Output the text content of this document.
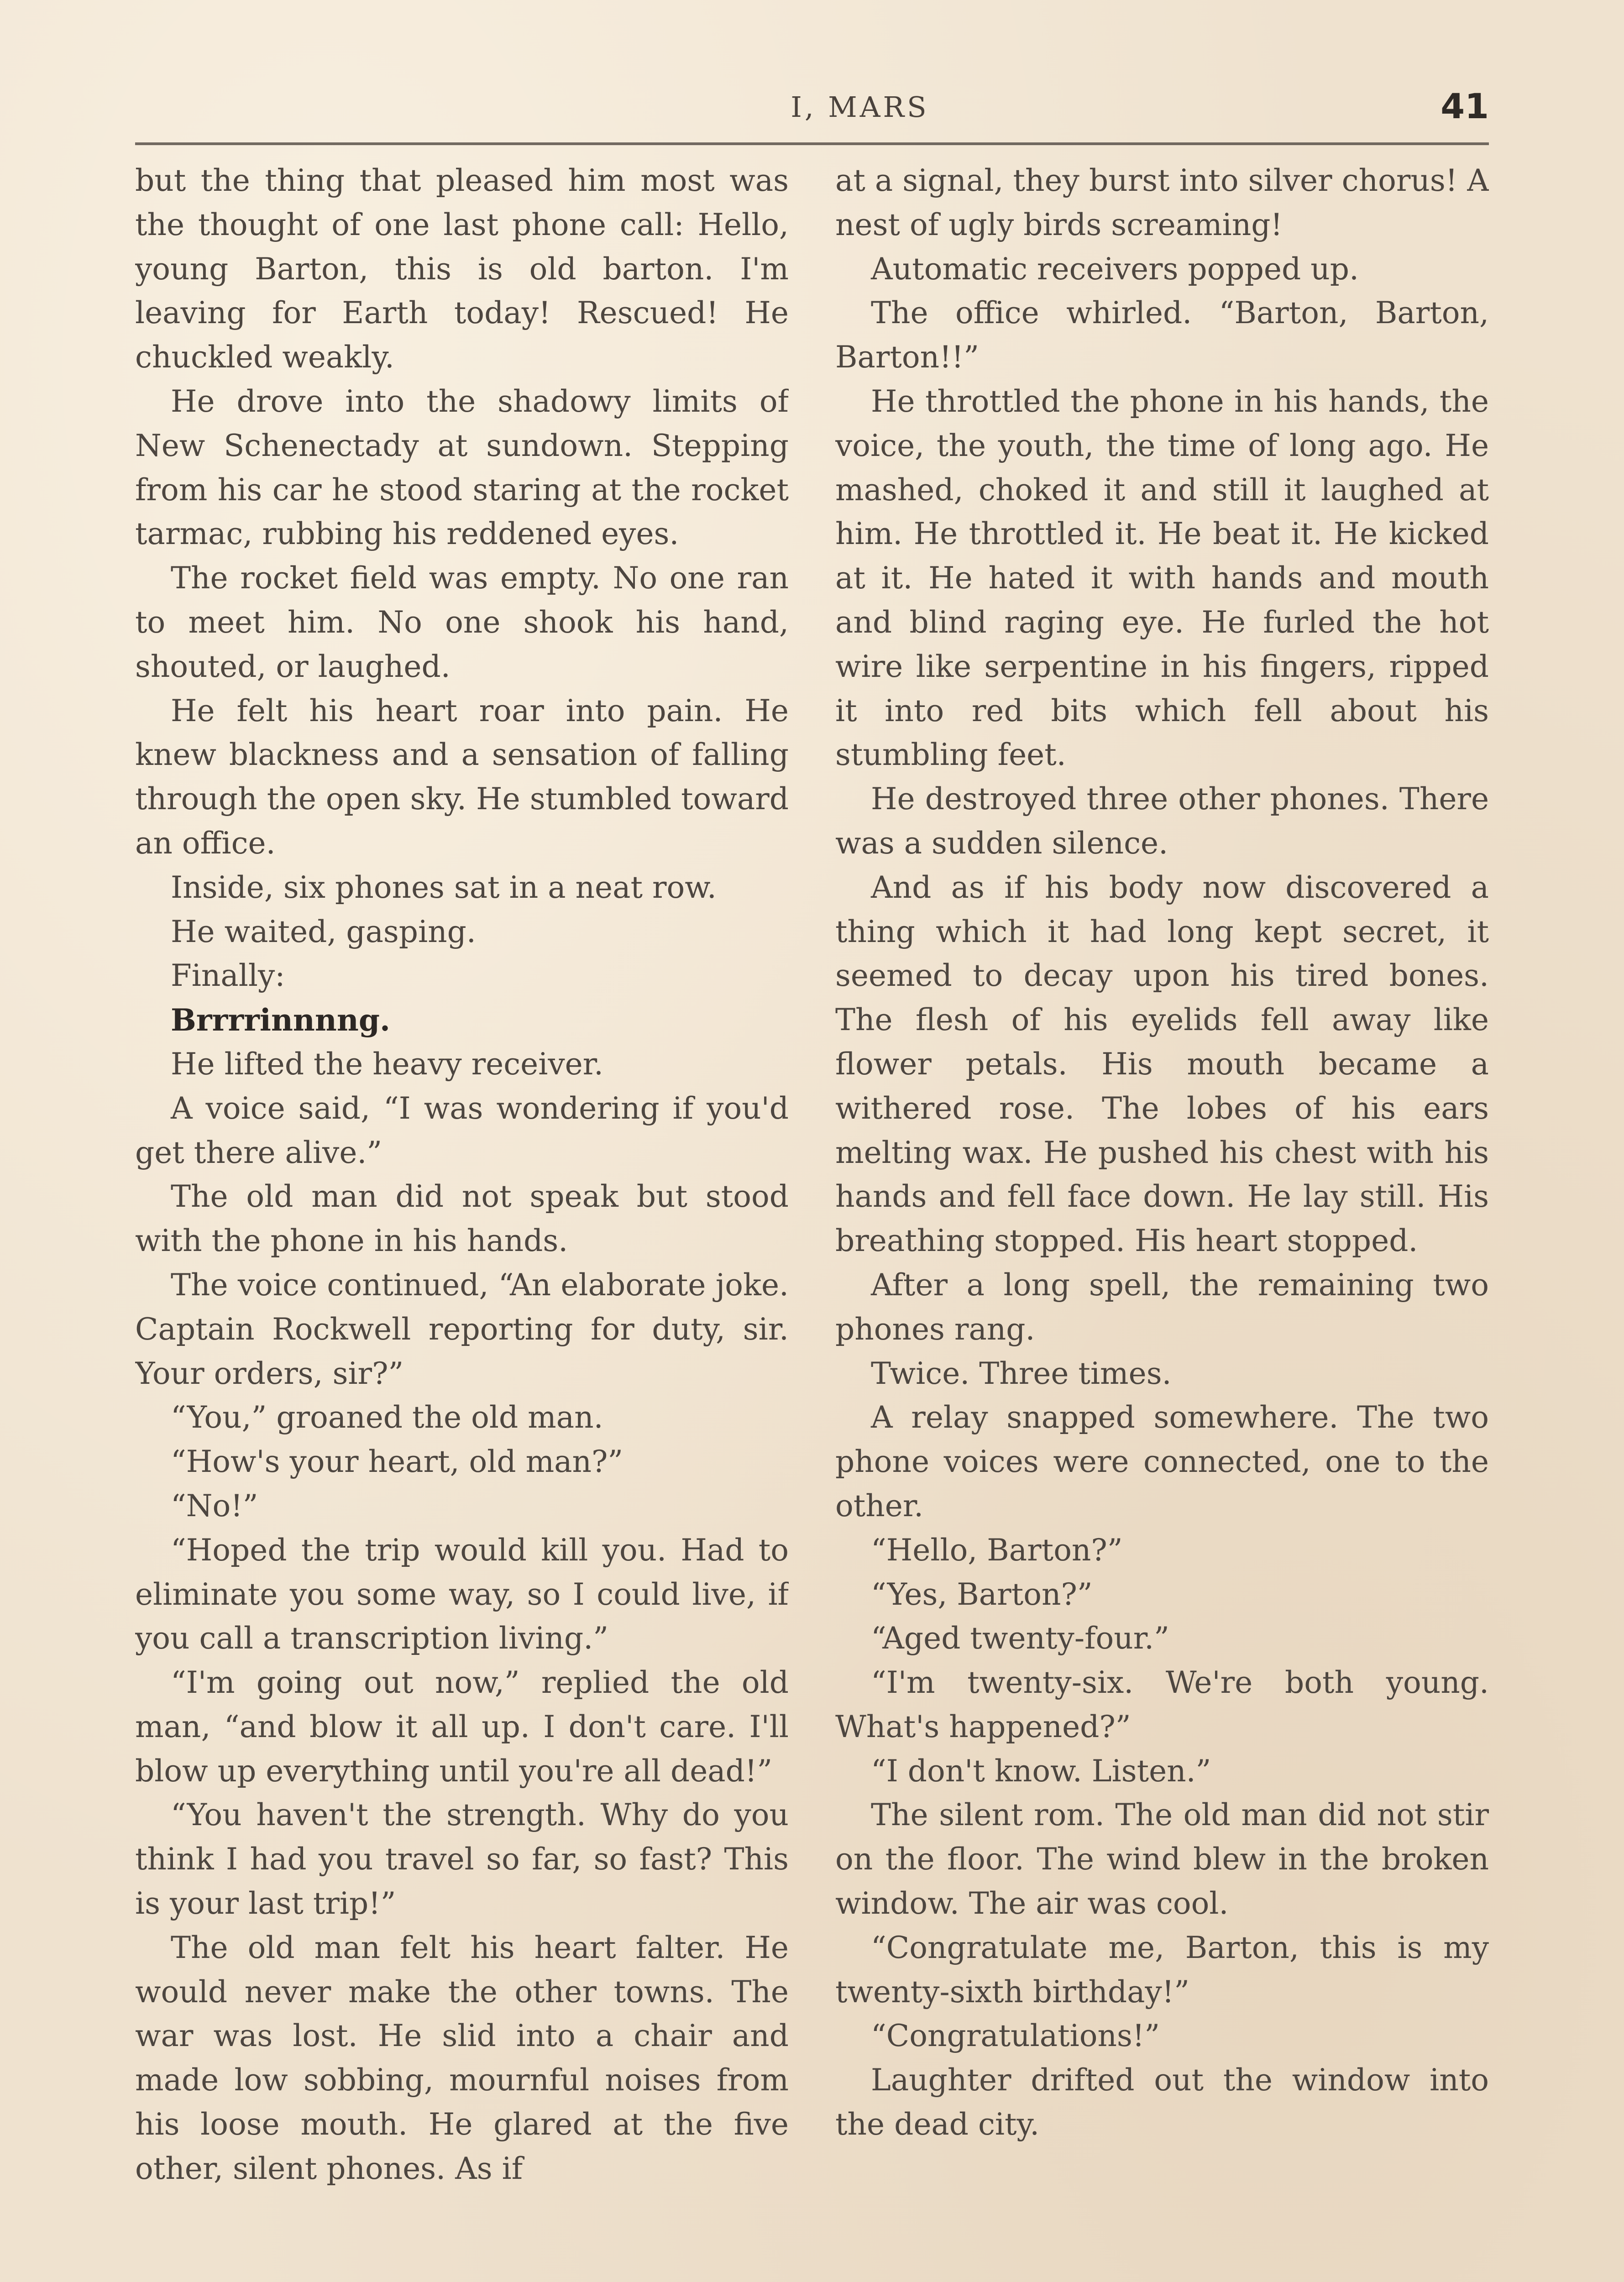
I, MARS	41

but the thing that pleased him most was the thought of one last phone call: Hello, young Barton, this is old barton. I'm leaving for Earth today! Rescued! He chuckled weakly.

He drove into the shadowy limits of New Schenectady at sundown. Stepping from his car he stood staring at the rocket tarmac, rubbing his reddened eyes.

The rocket field was empty. No one ran to meet him. No one shook his hand, shouted, or laughed.

He felt his heart roar into pain. He knew blackness and a sensation of falling through the open sky. He stumbled toward an office.

Inside, six phones sat in a neat row.

He waited, gasping.

Finally:

Brrrrinnnng.

He lifted the heavy receiver.

A voice said, “I was wondering if you'd get there alive.”

The old man did not speak but stood with the phone in his hands.

The voice continued, “An elaborate joke. Captain Rockwell reporting for duty, sir. Your orders, sir?”

“You,” groaned the old man.

“How's your heart, old man?”

“No!”

“Hoped the trip would kill you. Had to eliminate you some way, so I could live, if you call a transcription living.”

“I'm going out now,” replied the old man, “and blow it all up. I don't care. I'll blow up everything until you're all dead!”

“You haven't the strength. Why do you think I had you travel so far, so fast? This is your last trip!”

The old man felt his heart falter. He would never make the other towns. The war was lost. He slid into a chair and made low sobbing, mournful noises from his loose mouth. He glared at the five other, silent phones. As if

at a signal, they burst into silver chorus! A nest of ugly birds screaming!

Automatic receivers popped up.

The office whirled. “Barton, Barton, Barton!!”

He throttled the phone in his hands, the voice, the youth, the time of long ago. He mashed, choked it and still it laughed at him. He throttled it. He beat it. He kicked at it. He hated it with hands and mouth and blind raging eye. He furled the hot wire like serpentine in his fingers, ripped it into red bits which fell about his stumbling feet.

He destroyed three other phones. There was a sudden silence.

And as if his body now discovered a thing which it had long kept secret, it seemed to decay upon his tired bones. The flesh of his eyelids fell away like flower petals. His mouth became a withered rose. The lobes of his ears melting wax. He pushed his chest with his hands and fell face down. He lay still. His breathing stopped. His heart stopped.

After a long spell, the remaining two phones rang.

Twice. Three times.

A relay snapped somewhere. The two phone voices were connected, one to the other.

“Hello, Barton?”

“Yes, Barton?”

“Aged twenty-four.”

“I'm twenty-six. We're both young. What's happened?”

“I don't know. Listen.”

The silent rom. The old man did not stir on the floor. The wind blew in the broken window. The air was cool.

“Congratulate me, Barton, this is my twenty-sixth birthday!”

“Congratulations!”

Laughter drifted out the window into the dead city.
